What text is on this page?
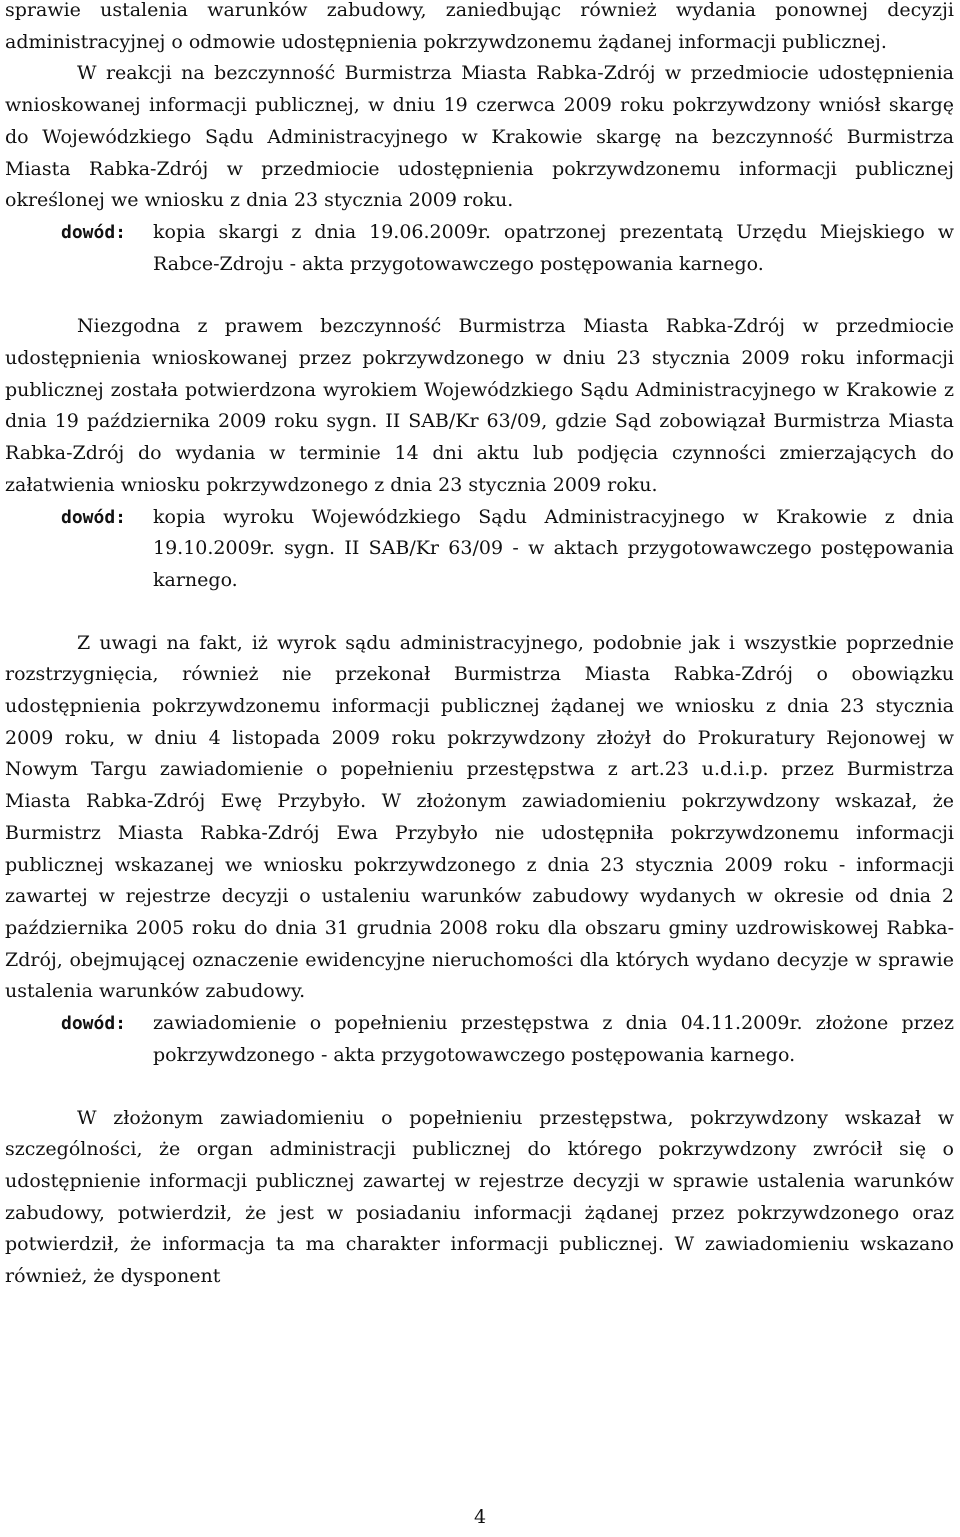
sprawie ustalenia warunków zabudowy, zaniedbując również wydania ponownej decyzji administracyjnej o odmowie udostępnienia pokrzywdzonemu żądanej informacji publicznej.

W reakcji na bezczynność Burmistrza Miasta Rabka-Zdrój w przedmiocie udostępnienia wnioskowanej informacji publicznej, w dniu 19 czerwca 2009 roku pokrzywdzony wniósł skargę do Wojewódzkiego Sądu Administracyjnego w Krakowie skargę na bezczynność Burmistrza Miasta Rabka-Zdrój w przedmiocie udostępnienia pokrzywdzonemu informacji publicznej określonej we wniosku z dnia 23 stycznia 2009 roku.

dowód:	kopia skargi z dnia 19.06.2009r. opatrzonej prezentatą Urzędu Miejskiego w Rabce-Zdroju - akta przygotowawczego postępowania karnego.

Niezgodna z prawem bezczynność Burmistrza Miasta Rabka-Zdrój w przedmiocie udostępnienia wnioskowanej przez pokrzywdzonego w dniu 23 stycznia 2009 roku informacji publicznej została potwierdzona wyrokiem Wojewódzkiego Sądu Administracyjnego w Krakowie z dnia 19 października 2009 roku sygn. II SAB/Kr 63/09, gdzie Sąd zobowiązał Burmistrza Miasta Rabka-Zdrój do wydania w terminie 14 dni aktu lub podjęcia czynności zmierzających do załatwienia wniosku pokrzywdzonego z dnia 23 stycznia 2009 roku.

dowód:	kopia wyroku Wojewódzkiego Sądu Administracyjnego w Krakowie z dnia 19.10.2009r. sygn. II SAB/Kr 63/09 - w aktach przygotowawczego postępowania karnego.

Z uwagi na fakt, iż wyrok sądu administracyjnego, podobnie jak i wszystkie poprzednie rozstrzygnięcia, również nie przekonał Burmistrza Miasta Rabka-Zdrój o obowiązku udostępnienia pokrzywdzonemu informacji publicznej żądanej we wniosku z dnia 23 stycznia 2009 roku, w dniu 4 listopada 2009 roku pokrzywdzony złożył do Prokuratury Rejonowej w Nowym Targu zawiadomienie o popełnieniu przestępstwa z art.23 u.d.i.p. przez Burmistrza Miasta Rabka-Zdrój Ewę Przybyło. W złożonym zawiadomieniu pokrzywdzony wskazał, że Burmistrz Miasta Rabka-Zdrój Ewa Przybyło nie udostępniła pokrzywdzonemu informacji publicznej wskazanej we wniosku pokrzywdzonego z dnia 23 stycznia 2009 roku - informacji zawartej w rejestrze decyzji o ustaleniu warunków zabudowy wydanych w okresie od dnia 2 października 2005 roku do dnia 31 grudnia 2008 roku dla obszaru gminy uzdrowiskowej Rabka-Zdrój, obejmującej oznaczenie ewidencyjne nieruchomości dla których wydano decyzje w sprawie ustalenia warunków zabudowy.

dowód:	zawiadomienie o popełnieniu przestępstwa z dnia 04.11.2009r. złożone przez pokrzywdzonego - akta przygotowawczego postępowania karnego.

W złożonym zawiadomieniu o popełnieniu przestępstwa, pokrzywdzony wskazał w szczególności, że organ administracji publicznej do którego pokrzywdzony zwrócił się o udostępnienie informacji publicznej zawartej w rejestrze decyzji w sprawie ustalenia warunków zabudowy, potwierdził, że jest w posiadaniu informacji żądanej przez pokrzywdzonego oraz potwierdził, że informacja ta ma charakter informacji publicznej. W zawiadomieniu wskazano również, że dysponent

4
